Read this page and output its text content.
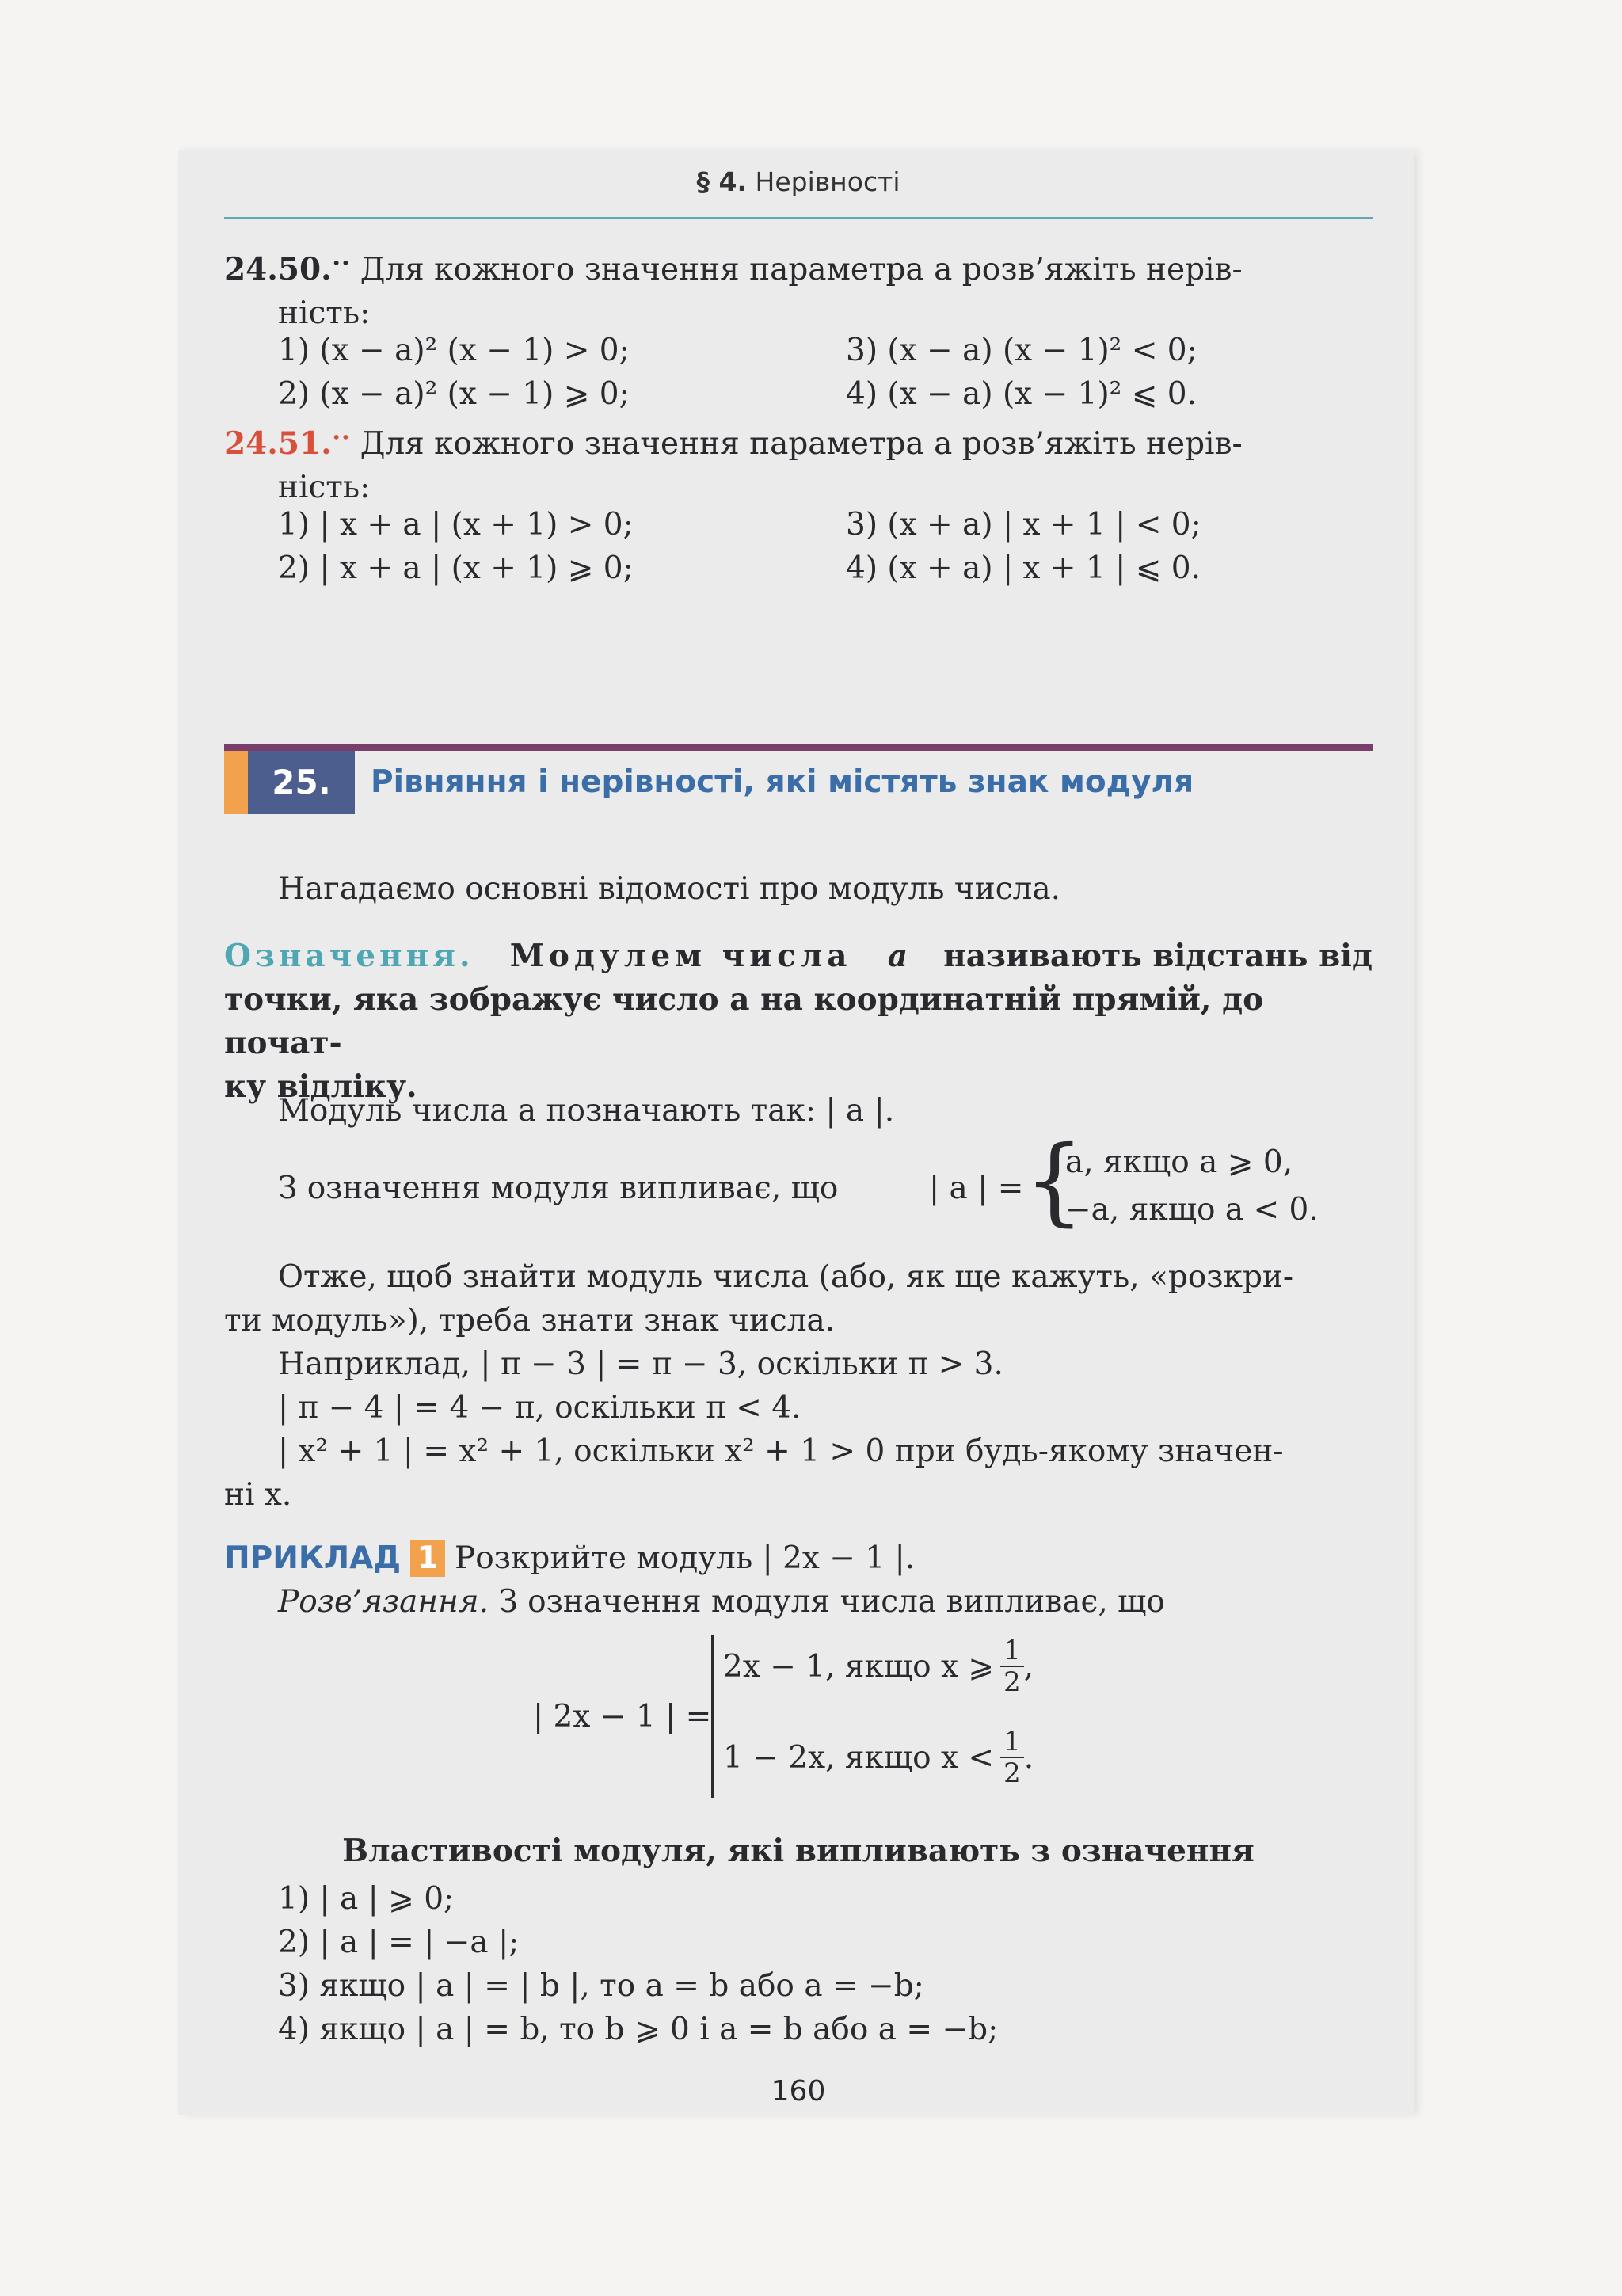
§ 4. Нерівності
24.50.•• Для кожного значення параметра a розв’яжіть нерів-
ність:
1) (x − a)² (x − 1) > 0;	3) (x − a) (x − 1)² < 0;
2) (x − a)² (x − 1) ⩾ 0;	4) (x − a) (x − 1)² ⩽ 0.
24.51.•• Для кожного значення параметра a розв’яжіть нерів-
ність:
1) | x + a | (x + 1) > 0;	3) (x + a) | x + 1 | < 0;
2) | x + a | (x + 1) ⩾ 0;	4) (x + a) | x + 1 | ⩽ 0.
25.	Рівняння і нерівності, які містять знак модуля
Нагадаємо основні відомості про модуль числа.
Означення. Модулем числа a називають відстань від
точки, яка зображує число a на координатній прямій, до почат-
ку відліку.
Модуль числа a позначають так: | a |.
З означення модуля випливає, що	| a | = {
a, якщо a ⩾ 0,
−a, якщо a < 0.
Отже, щоб знайти модуль числа (або, як ще кажуть, «розкри-
ти модуль»), треба знати знак числа.
Наприклад, | π − 3 | = π − 3, оскільки π > 3.
| π − 4 | = 4 − π, оскільки π < 4.
| x² + 1 | = x² + 1, оскільки x² + 1 > 0 при будь-якому значен-
ні x.
ПРИКЛАД 1 Розкрийте модуль | 2x − 1 |.
Розв’язання. З означення модуля числа випливає, що
| 2x − 1 | =
2x − 1, якщо x ⩾ $\frac{1}{2}$ ,
1 − 2x, якщо $x < \frac{1}{2}$ .
Властивості модуля, які випливають з означення
1) | a | ⩾ 0;
2) | a | = | −a |;
3) якщо | a | = | b |, то a = b або a = −b;
4) якщо | a | = b, то b ⩾ 0 і a = b або a = −b;
160
